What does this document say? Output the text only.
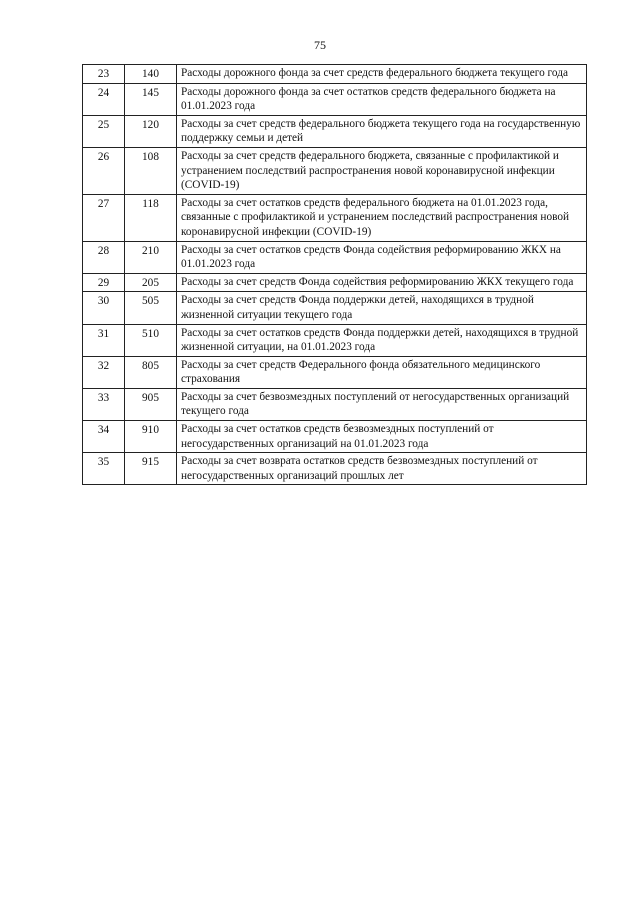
75
23	140	Расходы дорожного фонда за счет средств федерального бюджета текущего года
24	145	Расходы дорожного фонда за счет остатков средств федерального бюджета на 01.01.2023 года
25	120	Расходы за счет средств федерального бюджета текущего года на государственную поддержку семьи и детей
26	108	Расходы за счет средств федерального бюджета, связанные с профилактикой и устранением последствий распространения новой коронавирусной инфекции (COVID-19)
27	118	Расходы за счет остатков средств федерального бюджета на 01.01.2023 года, связанные с профилактикой и устранением последствий распространения новой коронавирусной инфекции (COVID-19)
28	210	Расходы за счет остатков средств Фонда содействия реформированию ЖКХ на 01.01.2023 года
29	205	Расходы за счет средств Фонда содействия реформированию ЖКХ текущего года
30	505	Расходы за счет средств Фонда поддержки детей, находящихся в трудной жизненной ситуации текущего года
31	510	Расходы за счет остатков средств Фонда поддержки детей, находящихся в трудной жизненной ситуации, на 01.01.2023 года
32	805	Расходы за счет средств Федерального фонда обязательного медицинского страхования
33	905	Расходы за счет безвозмездных поступлений от негосударственных организаций текущего года
34	910	Расходы за счет остатков средств безвозмездных поступлений от негосударственных организаций на 01.01.2023 года
35	915	Расходы за счет возврата остатков средств безвозмездных поступлений от негосударственных организаций прошлых лет
